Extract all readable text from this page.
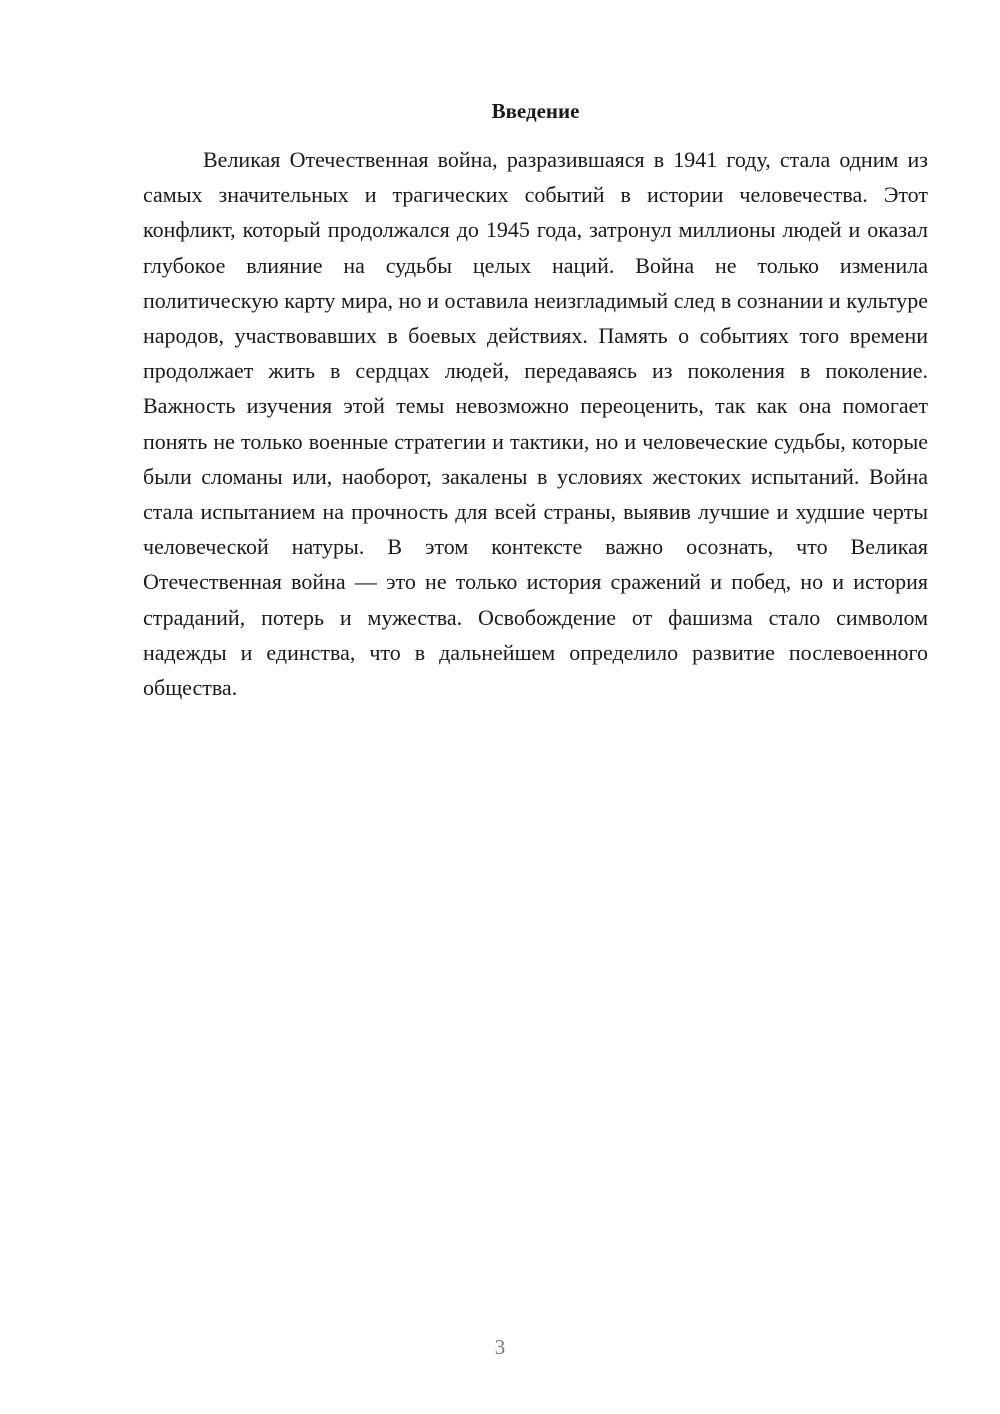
Введение

Великая Отечественная война, разразившаяся в 1941 году, стала одним из самых значительных и трагических событий в истории человечества. Этот конфликт, который продолжался до 1945 года, затронул миллионы людей и оказал глубокое влияние на судьбы целых наций. Война не только изменила политическую карту мира, но и оставила неизгладимый след в сознании и культуре народов, участвовавших в боевых действиях. Память о событиях того времени продолжает жить в сердцах людей, передаваясь из поколения в поколение. Важность изучения этой темы невозможно переоценить, так как она помогает понять не только военные стратегии и тактики, но и человеческие судьбы, которые были сломаны или, наоборот, закалены в условиях жестоких испытаний. Война стала испытанием на прочность для всей страны, выявив лучшие и худшие черты человеческой натуры. В этом контексте важно осознать, что Великая Отечественная война — это не только история сражений и побед, но и история страданий, потерь и мужества. Освобождение от фашизма стало символом надежды и единства, что в дальнейшем определило развитие послевоенного общества.

3
